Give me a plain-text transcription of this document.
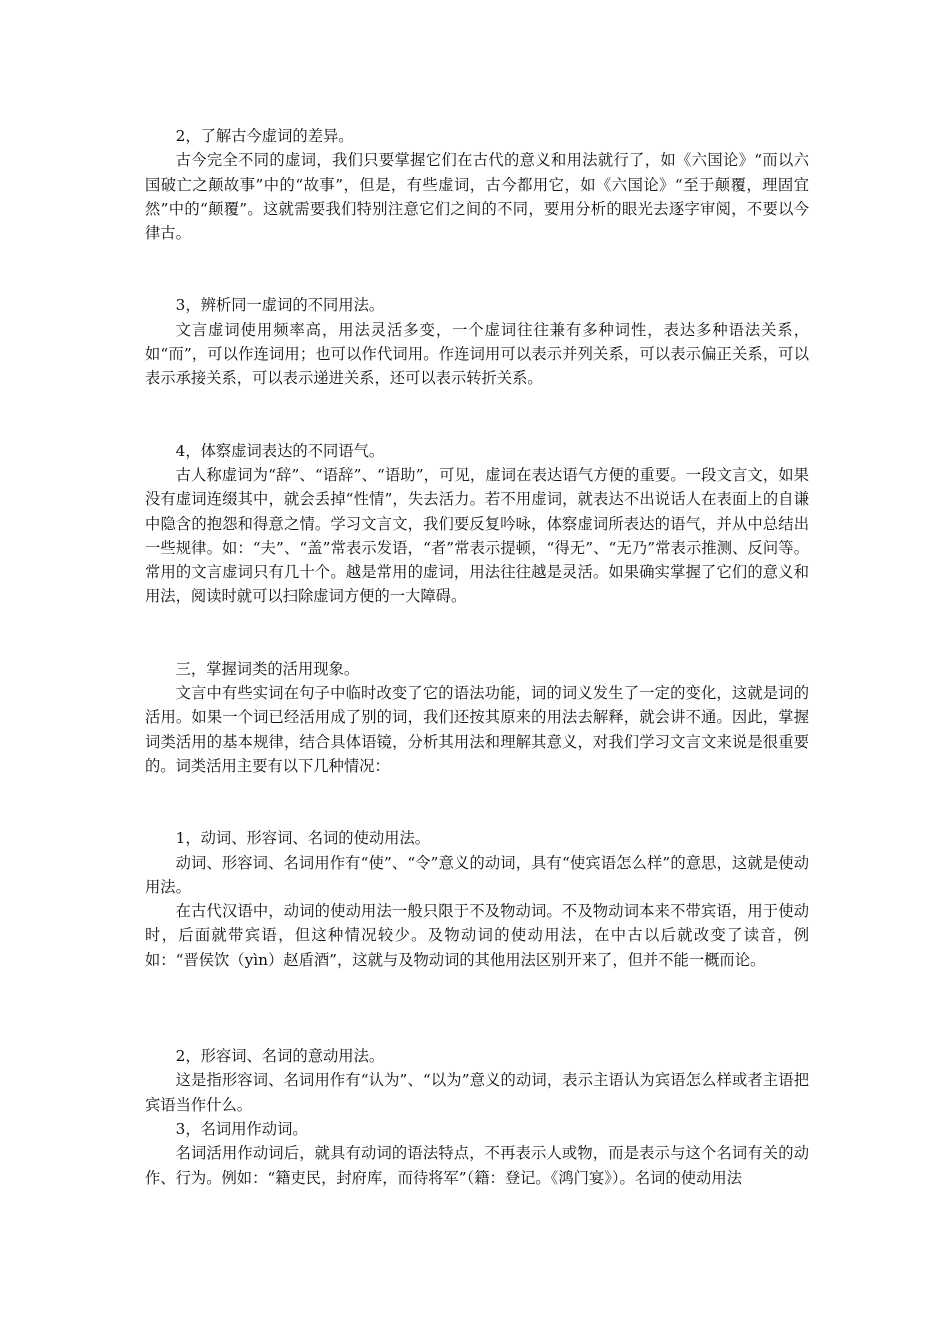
2，了解古今虚词的差异。

古今完全不同的虚词，我们只要掌握它们在古代的意义和用法就行了，如《六国论》“而以六国破亡之颠故事”中的“故事”，但是，有些虚词，古今都用它，如《六国论》“至于颠覆，理固宜然”中的“颠覆”。这就需要我们特别注意它们之间的不同，要用分析的眼光去逐字审阅，不要以今律古。

3，辨析同一虚词的不同用法。

文言虚词使用频率高，用法灵活多变，一个虚词往往兼有多种词性，表达多种语法关系，如“而”，可以作连词用；也可以作代词用。作连词用可以表示并列关系，可以表示偏正关系，可以表示承接关系，可以表示递进关系，还可以表示转折关系。

4，体察虚词表达的不同语气。

古人称虚词为“辞”、“语辞”、“语助”，可见，虚词在表达语气方便的重要。一段文言文，如果没有虚词连缀其中，就会丢掉“性情”，失去活力。若不用虚词，就表达不出说话人在表面上的自谦中隐含的抱怨和得意之情。学习文言文，我们要反复吟咏，体察虚词所表达的语气，并从中总结出一些规律。如：“夫”、“盖”常表示发语，“者”常表示提顿，“得无”、“无乃”常表示推测、反问等。常用的文言虚词只有几十个。越是常用的虚词，用法往往越是灵活。如果确实掌握了它们的意义和用法，阅读时就可以扫除虚词方便的一大障碍。

三，掌握词类的活用现象。

文言中有些实词在句子中临时改变了它的语法功能，词的词义发生了一定的变化，这就是词的活用。如果一个词已经活用成了别的词，我们还按其原来的用法去解释，就会讲不通。因此，掌握词类活用的基本规律，结合具体语镜，分析其用法和理解其意义，对我们学习文言文来说是很重要的。词类活用主要有以下几种情况：

1，动词、形容词、名词的使动用法。

动词、形容词、名词用作有“使”、“令”意义的动词，具有“使宾语怎么样”的意思，这就是使动用法。

在古代汉语中，动词的使动用法一般只限于不及物动词。不及物动词本来不带宾语，用于使动时，后面就带宾语，但这种情况较少。及物动词的使动用法，在中古以后就改变了读音，例如：“晋侯饮（yìn）赵盾酒”，这就与及物动词的其他用法区别开来了，但并不能一概而论。

2，形容词、名词的意动用法。

这是指形容词、名词用作有“认为”、“以为”意义的动词，表示主语认为宾语怎么样或者主语把宾语当作什么。

3，名词用作动词。

名词活用作动词后，就具有动词的语法特点，不再表示人或物，而是表示与这个名词有关的动作、行为。例如：“籍吏民，封府库，而待将军”（籍：登记。《鸿门宴》）。名词的使动用法
